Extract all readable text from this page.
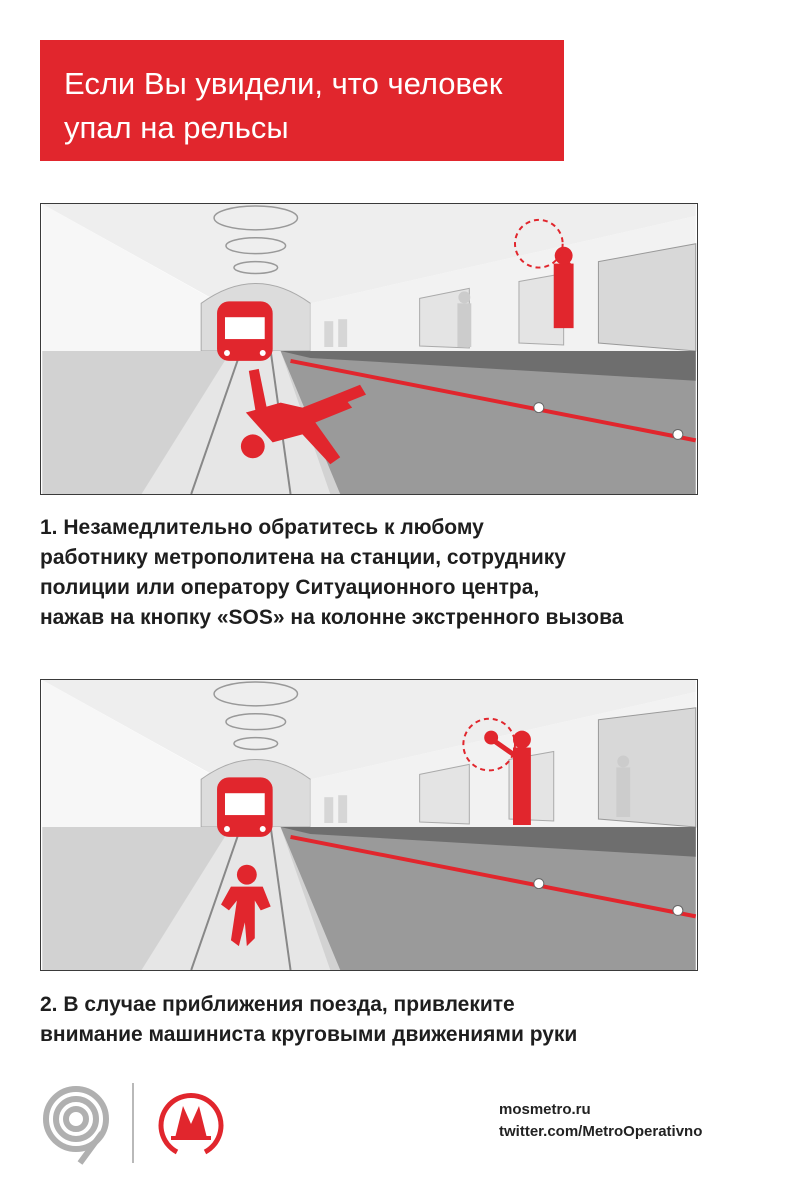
Если Вы увидели, что человек
упал на рельсы
1. Незамедлительно обратитесь к любому
работнику метрополитена на станции, сотруднику
полиции или оператору Ситуационного центра,
нажав на кнопку «SOS» на колонне экстренного вызова
2. В случае приближения поезда, привлеките
внимание машиниста круговыми движениями руки
mosmetro.ru
twitter.com/MetroOperativno
